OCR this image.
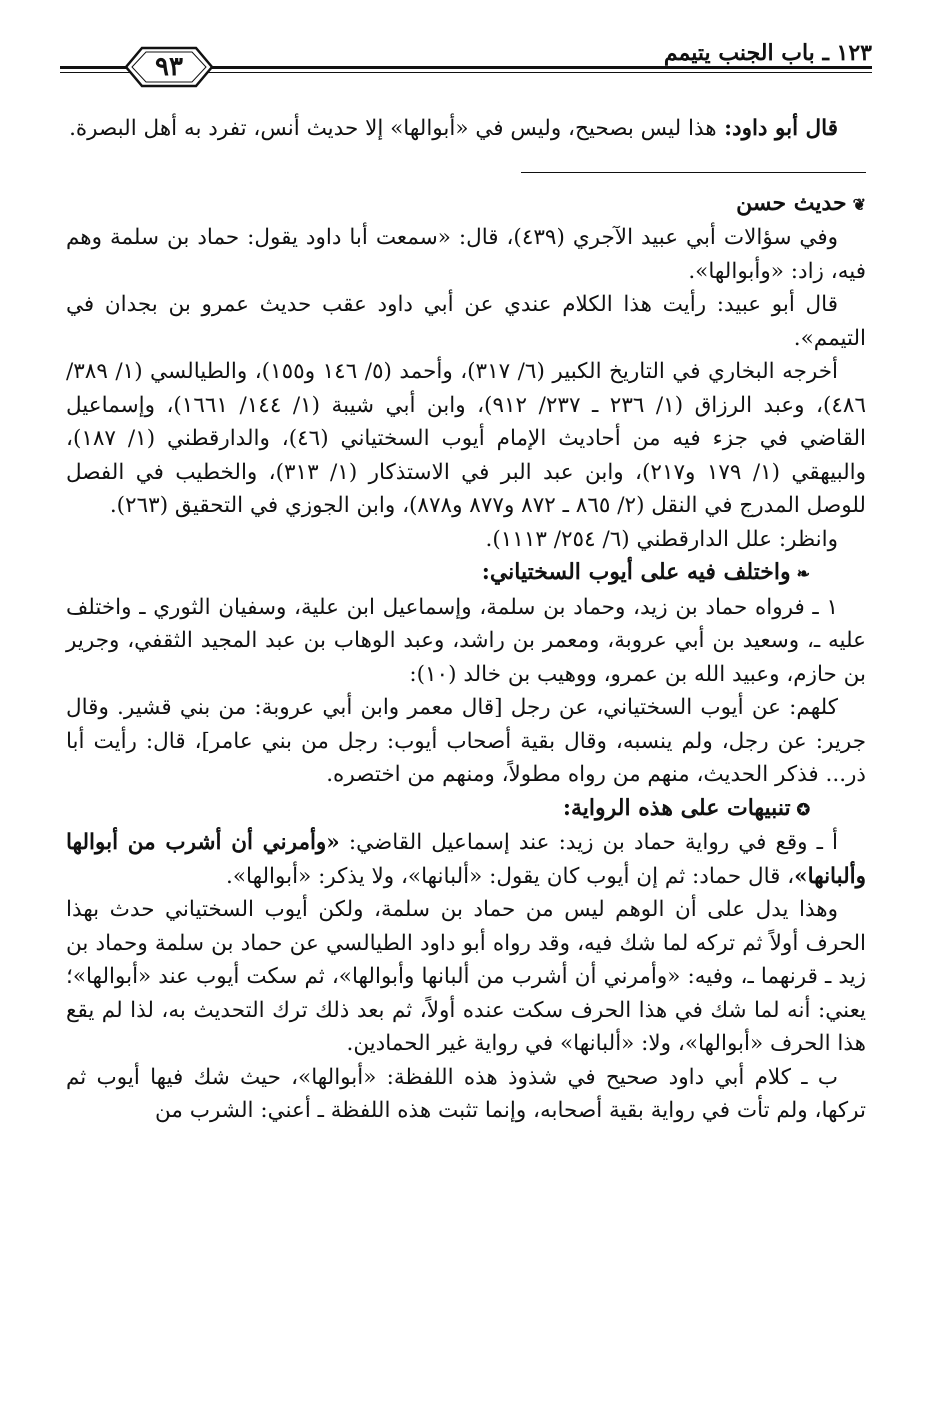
٩٣	١٢٣ ـ باب الجنب يتيمم

قال أبو داود: هذا ليس بصحيح، وليس في «أبوالها» إلا حديث أنس، تفرد به أهل البصرة.

❦حديث حسن

وفي سؤالات أبي عبيد الآجري (٤٣٩)، قال: «سمعت أبا داود يقول: حماد بن سلمة وهم فيه، زاد: «وأبوالها».

قال أبو عبيد: رأيت هذا الكلام عندي عن أبي داود عقب حديث عمرو بن بجدان في التيمم».

أخرجه البخاري في التاريخ الكبير (٦/ ٣١٧)، وأحمد (٥/ ١٤٦ و١٥٥)، والطيالسي (١/ ٣٨٩/ ٤٨٦)، وعبد الرزاق (١/ ٢٣٦ ـ ٢٣٧/ ٩١٢)، وابن أبي شيبة (١/ ١٤٤/ ١٦٦١)، وإسماعيل القاضي في جزء فيه من أحاديث الإمام أيوب السختياني (٤٦)، والدارقطني (١/ ١٨٧)، والبيهقي (١/ ١٧٩ و٢١٧)، وابن عبد البر في الاستذكار (١/ ٣١٣)، والخطيب في الفصل للوصل المدرج في النقل (٢/ ٨٦٥ ـ ٨٧٢ و٨٧٧ و٨٧٨)، وابن الجوزي في التحقيق (٢٦٣).

وانظر: علل الدارقطني (٦/ ٢٥٤/ ١١١٣).

❧واختلف فيه على أيوب السختياني:

١ ـ فرواه حماد بن زيد، وحماد بن سلمة، وإسماعيل ابن علية، وسفيان الثوري ـ واختلف عليه ـ، وسعيد بن أبي عروبة، ومعمر بن راشد، وعبد الوهاب بن عبد المجيد الثقفي، وجرير بن حازم، وعبيد الله بن عمرو، ووهيب بن خالد (١٠):

كلهم: عن أيوب السختياني، عن رجل [قال معمر وابن أبي عروبة: من بني قشير. وقال جرير: عن رجل، ولم ينسبه، وقال بقية أصحاب أيوب: رجل من بني عامر]، قال: رأيت أبا ذر... فذكر الحديث، منهم من رواه مطولاً، ومنهم من اختصره.

✪تنبيهات على هذه الرواية:

أ ـ وقع في رواية حماد بن زيد: عند إسماعيل القاضي: «وأمرني أن أشرب من أبوالها وألبانها»، قال حماد: ثم إن أيوب كان يقول: «ألبانها»، ولا يذكر: «أبوالها».

وهذا يدل على أن الوهم ليس من حماد بن سلمة، ولكن أيوب السختياني حدث بهذا الحرف أولاً ثم تركه لما شك فيه، وقد رواه أبو داود الطيالسي عن حماد بن سلمة وحماد بن زيد ـ قرنهما ـ، وفيه: «وأمرني أن أشرب من ألبانها وأبوالها»، ثم سكت أيوب عند «أبوالها»؛ يعني: أنه لما شك في هذا الحرف سكت عنده أولاً، ثم بعد ذلك ترك التحديث به، لذا لم يقع هذا الحرف «أبوالها»، ولا: «ألبانها» في رواية غير الحمادين.

ب ـ كلام أبي داود صحيح في شذوذ هذه اللفظة: «أبوالها»، حيث شك فيها أيوب ثم تركها، ولم تأت في رواية بقية أصحابه، وإنما تثبت هذه اللفظة ـ أعني: الشرب من
